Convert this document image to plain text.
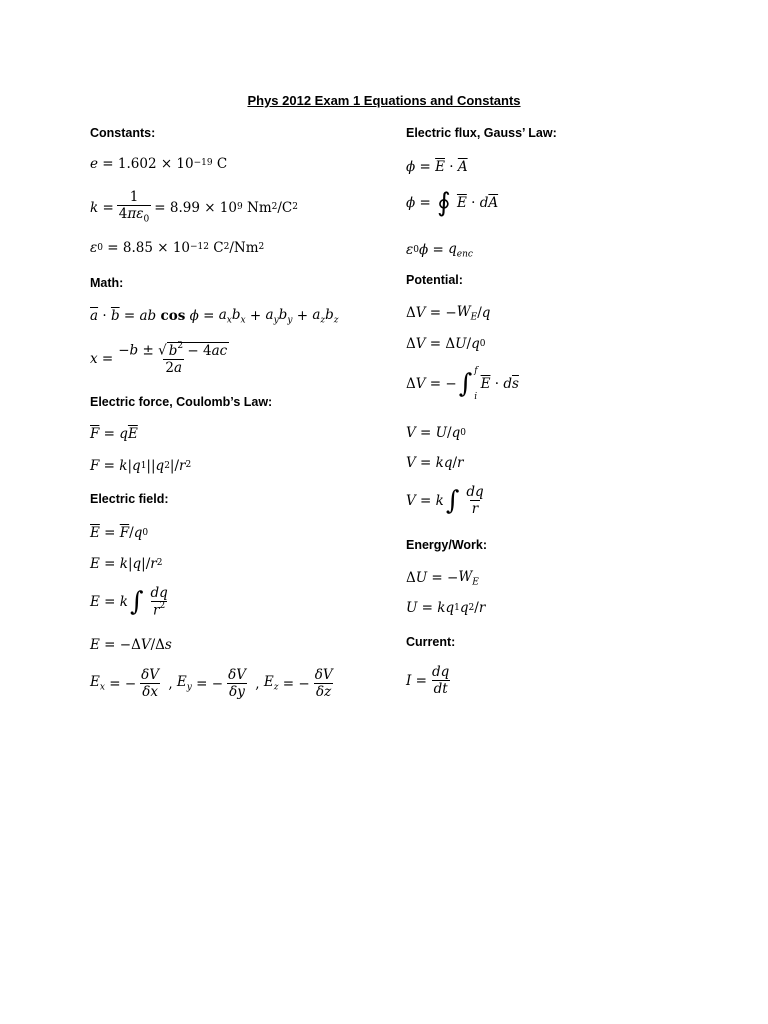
Phys 2012 Exam 1 Equations and Constants
Constants:
$e = 1.602 \times 10^{-19}$ C
$k = \frac{1}{4\pi\varepsilon_0} = 8.99 \times 10^9$ Nm$^2$ $/C^2$
ε $0 = 8.85 \times 10^{-12}$ $C^2$ /Nm$^2$
Math:
$\overline{a} \cdot \overline{b}$ = ab
cos
$\phi = a_xb_x + a_yb_y + a_zb_z$
$x = \frac{-b \pm √ b^2 - 4ac}{2a}$
Electric force, Coulomb’s Law:
$\overline{F} = q$ $\overline{E}$
F = k | q 1 || q 2 |/ $r^2$
Electric field:
$\overline{E} = \overline{F} / q$ 0
E = k | q |/ $r^2$
E = k ∫ $\frac{dq}{r^2}$
E = −Δ V /Δ s
$E_x$ = − $\frac{\delta V}{\delta x}$ , $E_y$ = − $\frac{\delta V}{\delta y}$ , $E_z$ = − $\frac{\delta V}{\delta z}$
Electric flux, Gauss’ Law:
$\phi = \overline{E} \cdot \overline{A}$
ϕ = ∮
$\overline{E} \cdot d$ $\overline{A}$
ε 0 $\phi = q_{enc}$
Potential:
Δ V = − $W_E$ / q
Δ V = Δ U / q 0
Δ V = − ∫ f
i
$\overline{E} \cdot d$ $\overline{s}$
V = U / q 0
V = kq / r
V = k ∫ $\frac{dq}{r}$
Energy/Work:
Δ U = − $W_E$
U = kq 1 q 2 / r
Current:
$I = \frac{dq}{dt}$
